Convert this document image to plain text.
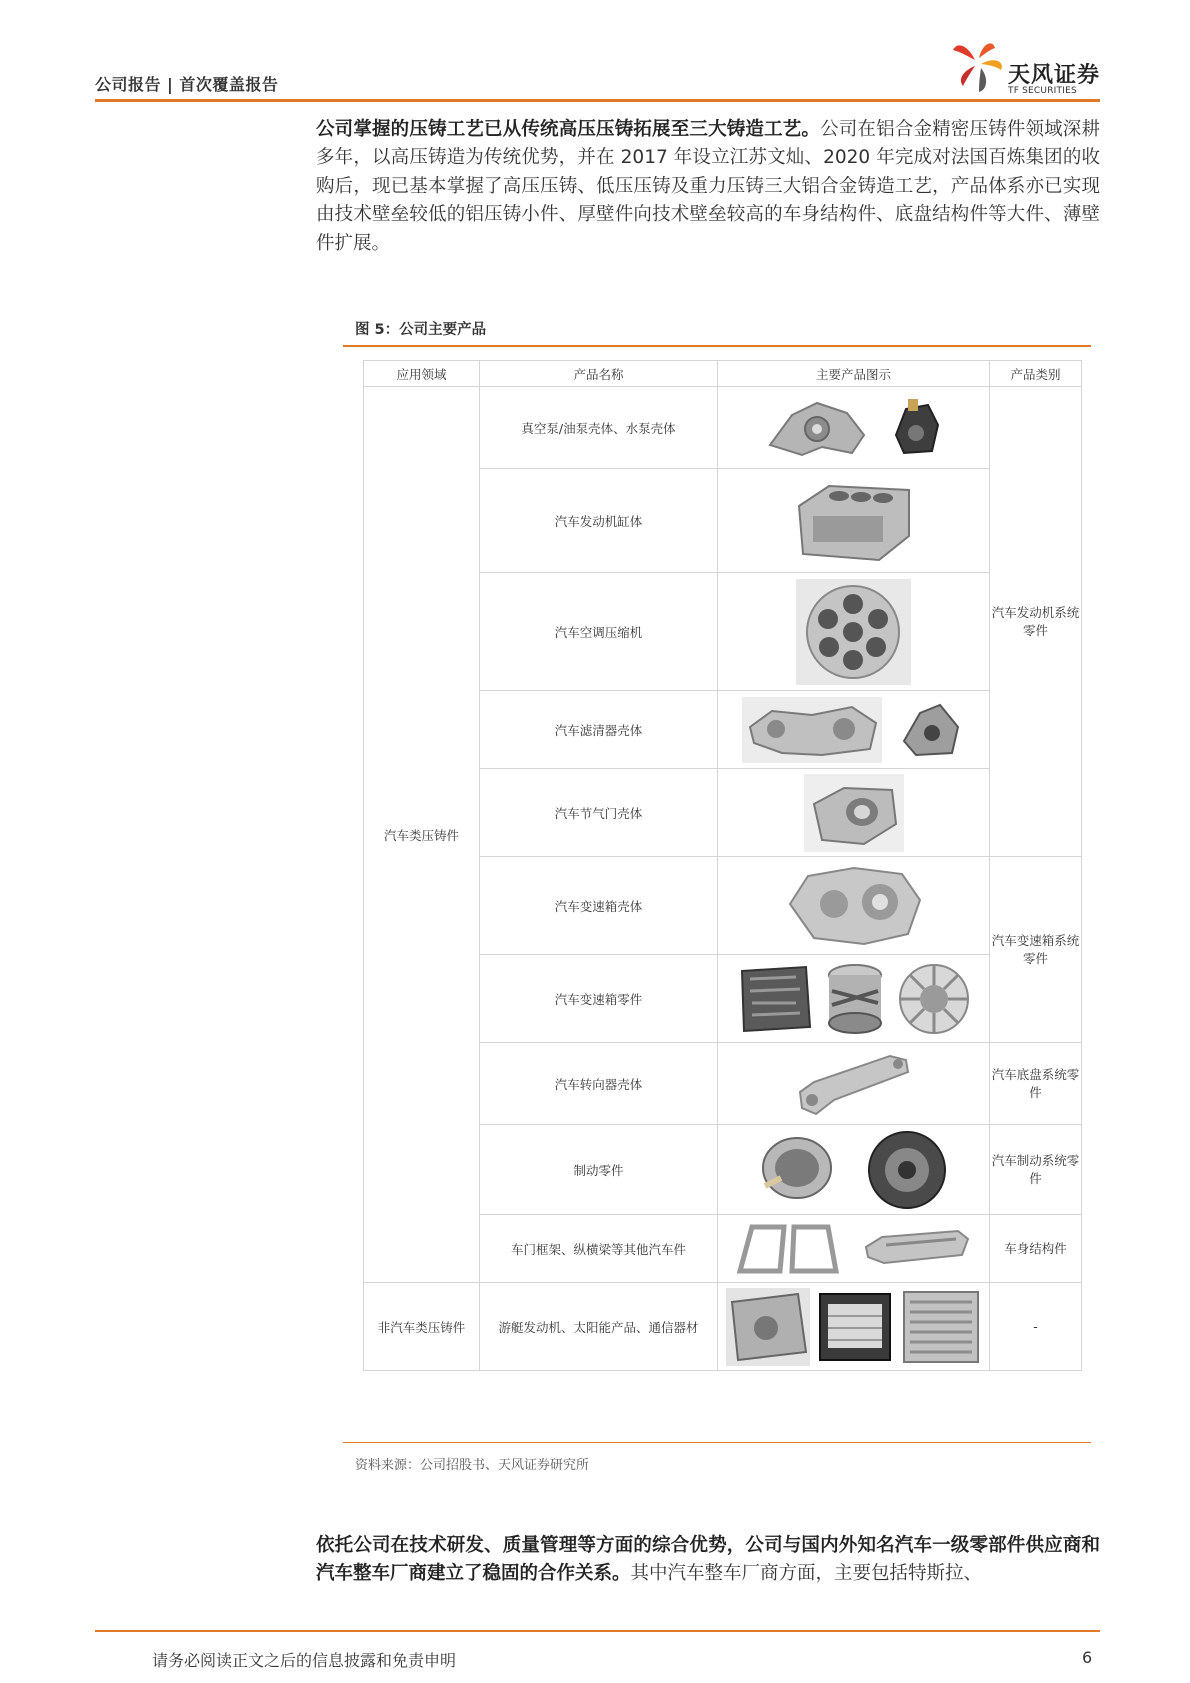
公司报告 | 首次覆盖报告	天风证券
TF SECURITIES

公司掌握的压铸工艺已从传统高压压铸拓展至三大铸造工艺。公司在铝合金精密压铸件领域深耕多年，以高压铸造为传统优势，并在 2017 年设立江苏文灿、2020 年完成对法国百炼集团的收购后，现已基本掌握了高压压铸、低压压铸及重力压铸三大铝合金铸造工艺，产品体系亦已实现由技术壁垒较低的铝压铸小件、厚壁件向技术壁垒较高的车身结构件、底盘结构件等大件、薄壁件扩展。

图 5：公司主要产品
应用领域	产品名称	主要产品图示	产品类别
汽车类压铸件	真空泵/油泵壳体、水泵壳体		汽车发动机系统零件
	汽车发动机缸体	

	汽车空调压缩机	

	汽车滤清器壳体	

	汽车节气门壳体	

	汽车变速箱壳体		汽车变速箱系统零件
	汽车变速箱零件	

	汽车转向器壳体		汽车底盘系统零件
	制动零件		汽车制动系统零件
	车门框架、纵横梁等其他汽车件		车身结构件
非汽车类压铸件	游艇发动机、太阳能产品、通信器材		-
资料来源：公司招股书、天风证券研究所

依托公司在技术研发、质量管理等方面的综合优势，公司与国内外知名汽车一级零部件供应商和汽车整车厂商建立了稳固的合作关系。其中汽车整车厂商方面，主要包括特斯拉、

请务必阅读正文之后的信息披露和免责申明	6
